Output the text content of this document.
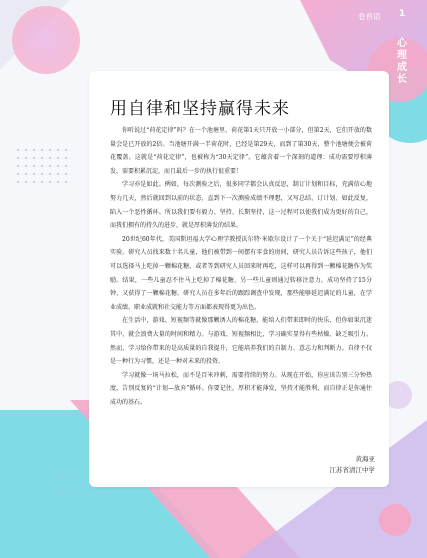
卷首语 1
心理成长
用自律和坚持赢得未来

你听说过“荷花定律”吗？在一个池塘里，荷花第1天只开放一小部分，但第2天，它们开放的数量会是已开放的2倍。当池塘开满一半荷花时，已经是第29天，而到了第30天，整个池塘便会被荷花覆盖。这就是“荷花定律”，也被称为“30天定律”。它蕴含着一个深刻的道理：成功需要厚积薄发，需要积累沉淀，而且最后一步的执行很重要！

学习亦是如此。例如，每次测验之后，很多同学都会认真反思，制订计划和目标，充满信心地努力几天，然后就回到以前的状态，直到下一次测验成绩不理想，又写总结、订计划、如此反复，陷入一个恶性循环。所以我们要有毅力、坚持、长期坚持，这一过程可以使我们成为更好的自己，而我们拥有的持久的进步，就是厚积薄发的结果。

20世纪60年代，美国斯坦福大学心理学教授沃尔特·米歇尔设计了一个关于“延迟满足”的经典实验。研究人员找来数十名儿童，他们被带到一间摆有零食的房间，研究人员告诉这些孩子，他们可以选择马上吃掉一颗棉花糖，或者等到研究人员回来时再吃，这样可以再得到一颗棉花糖作为奖励。结果，一些儿童忍不住马上吃掉了棉花糖，另一些儿童则通过转移注意力，成功坚持了15分钟，又获得了一颗棉花糖。研究人员在多年后的跟踪调查中发现，那些能够延迟满足的儿童，在学业成绩、职业成就和社交能力等方面都表现得更为出色。

在生活中，游戏、短视频等就像那颗诱人的棉花糖，能给人们带来即时的快乐，但你如果沉迷其中，就会浪费大量的时间和精力。与游戏、短视频相比，学习确实显得有些枯燥、缺乏吸引力。然而，学习给你带来的是高质量的自我提升，它能培养我们的自制力、意志力和判断力。自律不仅是一种行为习惯，还是一种对未来的投资。

学习就像一场马拉松，而不是百米冲刺，需要持续的努力。从现在开始，你应该告别三分钟热度，告别反复的“计划—放弃”循环。你要记住，厚积才能薄发，坚持才能胜利，而自律正是你通往成功的基石。

黄海亚
江苏省清江中学
